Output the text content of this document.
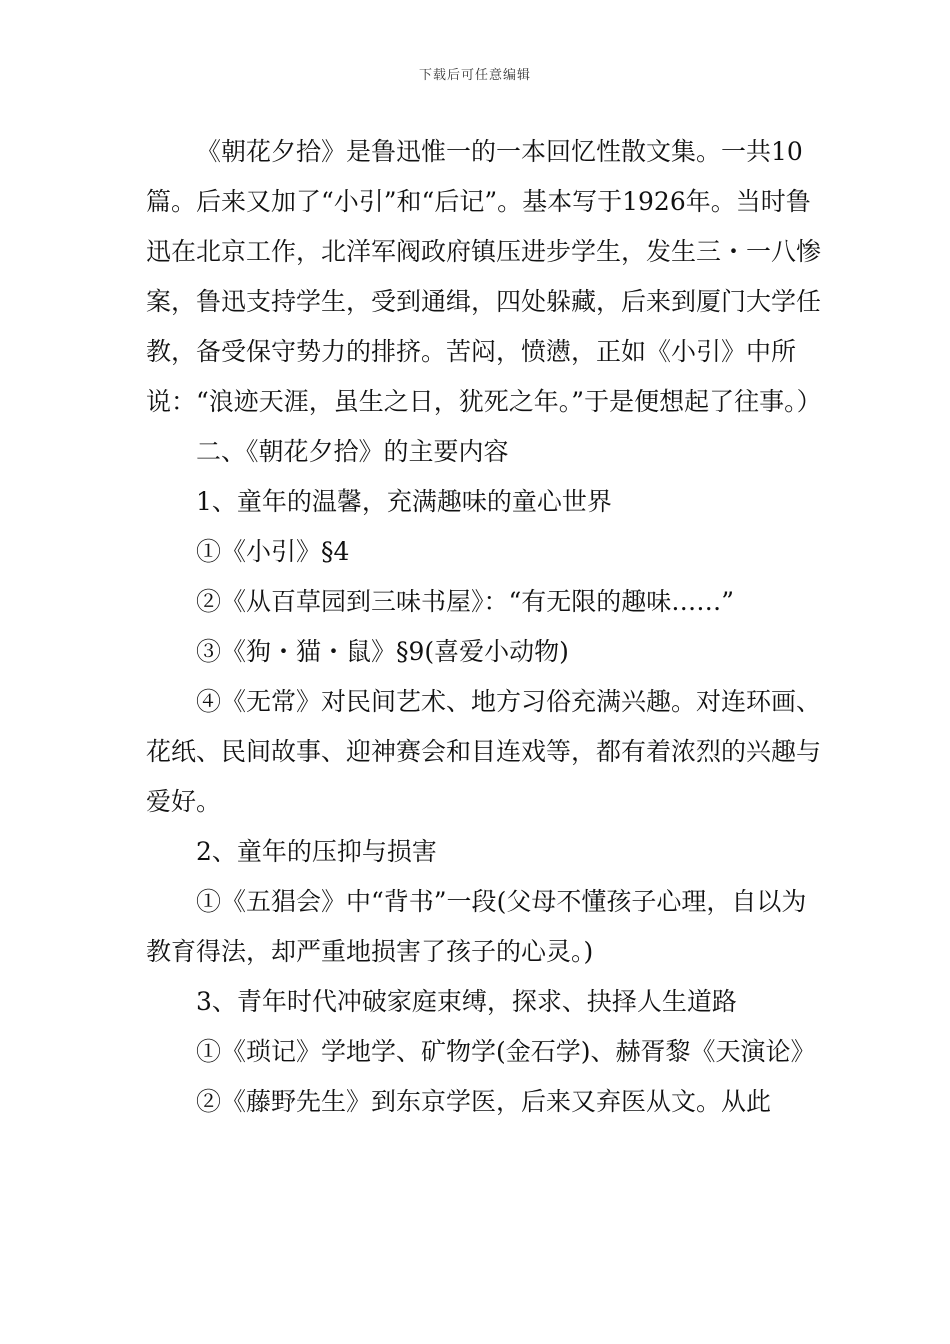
下载后可任意编辑

《朝花夕拾》是鲁迅惟一的一本回忆性散文集。一共10篇。后来又加了“小引”和“后记”。基本写于1926年。当时鲁迅在北京工作，北洋军阀政府镇压进步学生，发生三・一八惨案，鲁迅支持学生，受到通缉，四处躲藏，后来到厦门大学任教，备受保守势力的排挤。苦闷，愤懑，正如《小引》中所说：“浪迹天涯，虽生之日，犹死之年。”于是便想起了往事。）

二、《朝花夕拾》的主要内容

1、童年的温馨，充满趣味的童心世界

①《小引》§4

②《从百草园到三味书屋》：“有无限的趣味……”

③《狗・猫・鼠》§9(喜爱小动物)

④《无常》对民间艺术、地方习俗充满兴趣。对连环画、花纸、民间故事、迎神赛会和目连戏等，都有着浓烈的兴趣与爱好。

2、童年的压抑与损害

①《五猖会》中“背书”一段(父母不懂孩子心理，自以为教育得法，却严重地损害了孩子的心灵。)

3、青年时代冲破家庭束缚，探求、抉择人生道路

①《琐记》学地学、矿物学(金石学)、赫胥黎《天演论》

②《藤野先生》到东京学医，后来又弃医从文。从此
